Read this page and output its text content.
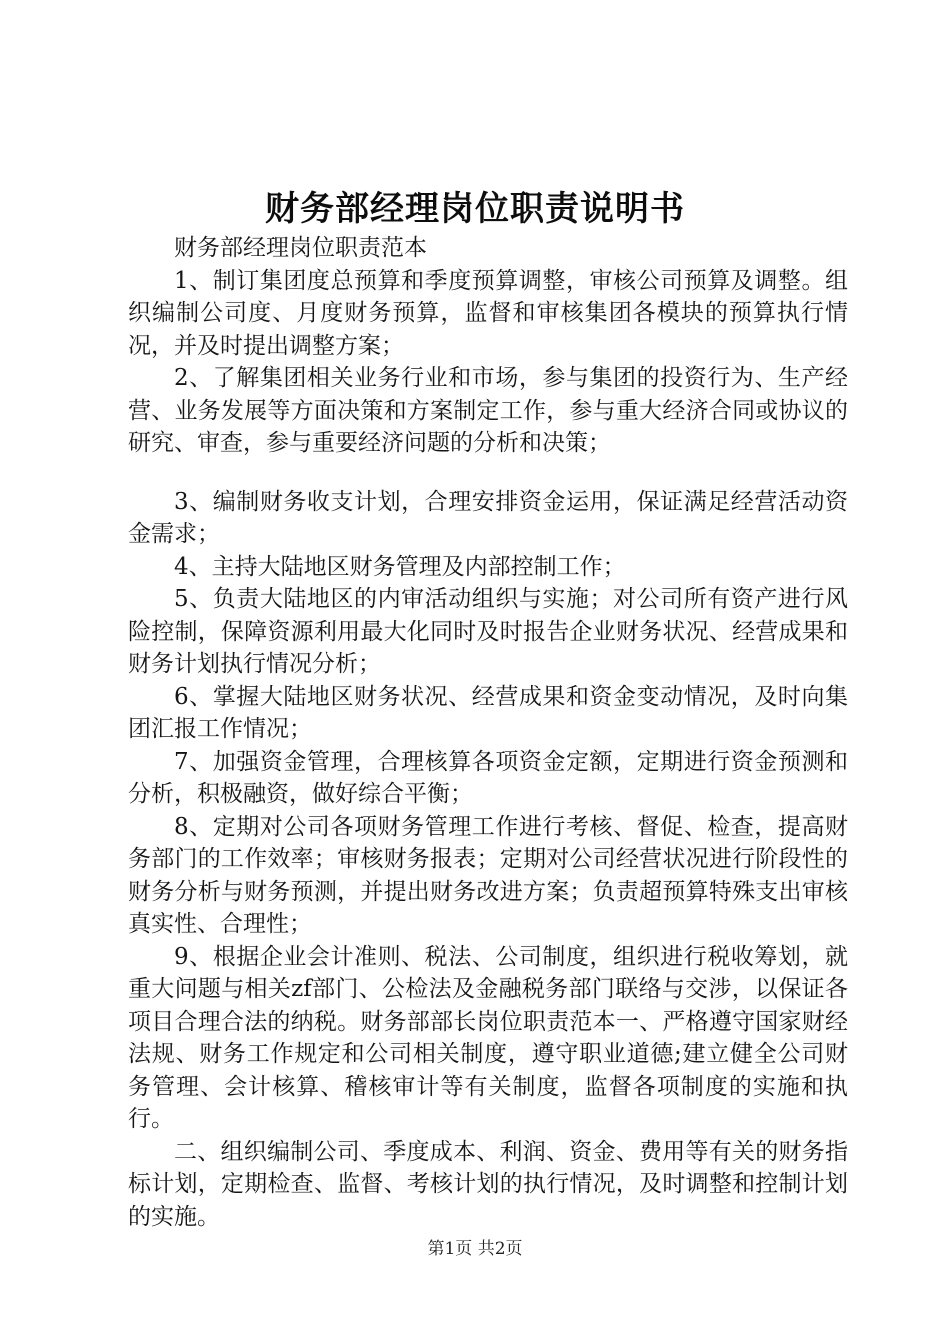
财务部经理岗位职责说明书

财务部经理岗位职责范本

1、制订集团度总预算和季度预算调整，审核公司预算及调整。组织编制公司度、月度财务预算，监督和审核集团各模块的预算执行情况，并及时提出调整方案；

2、了解集团相关业务行业和市场，参与集团的投资行为、生产经营、业务发展等方面决策和方案制定工作，参与重大经济合同或协议的研究、审查，参与重要经济问题的分析和决策；

3、编制财务收支计划，合理安排资金运用，保证满足经营活动资金需求；

4、主持大陆地区财务管理及内部控制工作；

5、负责大陆地区的内审活动组织与实施；对公司所有资产进行风险控制，保障资源利用最大化同时及时报告企业财务状况、经营成果和财务计划执行情况分析；

6、掌握大陆地区财务状况、经营成果和资金变动情况，及时向集团汇报工作情况；

7、加强资金管理，合理核算各项资金定额，定期进行资金预测和分析，积极融资，做好综合平衡；

8、定期对公司各项财务管理工作进行考核、督促、检查，提高财务部门的工作效率；审核财务报表；定期对公司经营状况进行阶段性的财务分析与财务预测，并提出财务改进方案；负责超预算特殊支出审核真实性、合理性；

9、根据企业会计准则、税法、公司制度，组织进行税收筹划，就重大问题与相关zf部门、公检法及金融税务部门联络与交涉，以保证各项目合理合法的纳税。财务部部长岗位职责范本一、严格遵守国家财经法规、财务工作规定和公司相关制度，遵守职业道德;建立健全公司财务管理、会计核算、稽核审计等有关制度，监督各项制度的实施和执行。

二、组织编制公司、季度成本、利润、资金、费用等有关的财务指标计划，定期检查、监督、考核计划的执行情况，及时调整和控制计划的实施。

第1页 共2页
